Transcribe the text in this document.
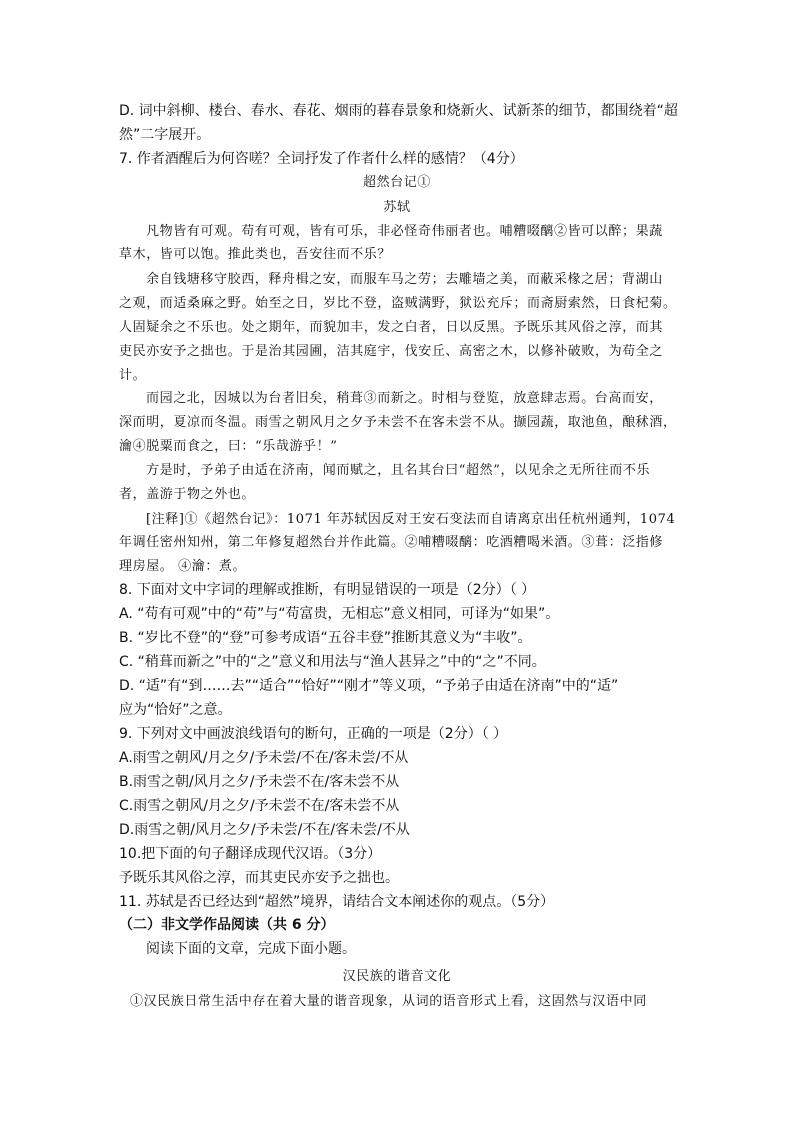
D. 词中斜柳、楼台、春水、春花、烟雨的暮春景象和烧新火、试新茶的细节，都围绕着“超
然”二字展开。
7. 作者酒醒后为何咨嗟？全词抒发了作者什么样的感情？（4分）
超然台记①
苏轼
凡物皆有可观。苟有可观，皆有可乐，非必怪奇伟丽者也。哺糟啜醨②皆可以醉；果蔬
草木，皆可以饱。推此类也，吾安往而不乐？
余自钱塘移守胶西，释舟楫之安，而服车马之劳；去雕墙之美，而蔽采椽之居；背湖山
之观，而适桑麻之野。始至之日，岁比不登，盗贼满野，狱讼充斥；而斋厨索然，日食杞菊。
人固疑余之不乐也。处之期年，而貌加丰，发之白者，日以反黑。予既乐其风俗之淳，而其
吏民亦安予之拙也。于是治其园圃，洁其庭宇，伐安丘、高密之木，以修补破败，为苟全之
计。
而园之北，因城以为台者旧矣，稍葺③而新之。时相与登览，放意肆志焉。台高而安，
深而明，夏凉而冬温。雨雪之朝风月之夕予未尝不在客未尝不从。撷园蔬，取池鱼，酿秫酒，
瀹④脱粟而食之，曰：“乐哉游乎！”
方是时，予弟子由适在济南，闻而赋之，且名其台曰“超然”，以见余之无所往而不乐
者，盖游于物之外也。
[注释]①《超然台记》：1071 年苏轼因反对王安石变法而自请离京出任杭州通判，1074
年调任密州知州，第二年修复超然台并作此篇。②哺糟啜醨：吃酒糟喝米酒。③葺：泛指修
理房屋。 ④瀹：煮。
8. 下面对文中字词的理解或推断，有明显错误的一项是（2分）（ ）
A. “苟有可观”中的“苟”与“苟富贵，无相忘”意义相同，可译为“如果”。
B. “岁比不登”的“登”可参考成语“五谷丰登”推断其意义为“丰收”。
C. “稍葺而新之”中的“之”意义和用法与“渔人甚异之”中的“之”不同。
D. “适”有“到……去”“适合”“恰好”“刚才”等义项，“予弟子由适在济南”中的“适”
应为“恰好”之意。
9. 下列对文中画波浪线语句的断句，正确的一项是（2分）（ ）
A.雨雪之朝风/月之夕/予未尝/不在/客未尝/不从
B.雨雪之朝/风月之夕/予未尝不在/客未尝不从
C.雨雪之朝风/月之夕/予未尝不在/客未尝不从
D.雨雪之朝/风月之夕/予未尝/不在/客未尝/不从
10.把下面的句子翻译成现代汉语。（3分）
予既乐其风俗之淳，而其吏民亦安予之拙也。
11. 苏轼是否已经达到“超然”境界，请结合文本阐述你的观点。（5分）
（二）非文学作品阅读（共 6 分）
阅读下面的文章，完成下面小题。
汉民族的谐音文化
①汉民族日常生活中存在着大量的谐音现象，从词的语音形式上看，这固然与汉语中同
